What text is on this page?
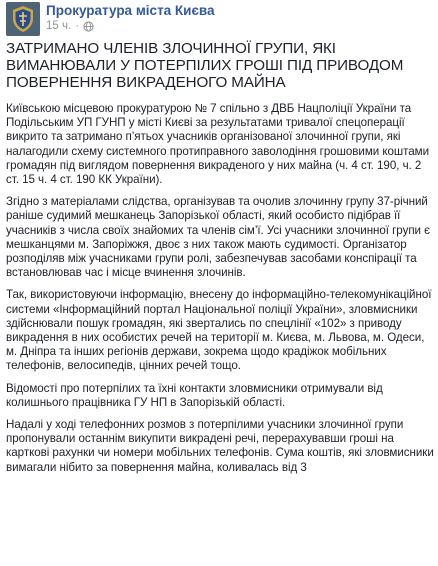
Прокуратура міста Києва
15 ч. ·

ЗАТРИМАНО ЧЛЕНІВ ЗЛОЧИННОЇ ГРУПИ, ЯКІ ВИМАНЮВАЛИ У ПОТЕРПІЛИХ ГРОШІ ПІД ПРИВОДОМ ПОВЕРНЕННЯ ВИКРАДЕНОГО МАЙНА

Київською місцевою прокуратурою № 7 спільно з ДВБ Нацполіції України та Подільським УП ГУНП у місті Києві за результатами тривалої спецоперації викрито та затримано п’ятьох учасників організованої злочинної групи, які налагодили схему системного протиправного заволодіння грошовими коштами громадян під виглядом повернення викраденого у них майна (ч. 4 ст. 190, ч. 2 ст. 15 ч. 4 ст. 190 КК України).

Згідно з матеріалами слідства, організував та очолив злочинну групу 37-річний раніше судимий мешканець Запорізької області, який особисто підібрав її учасників з числа своїх знайомих та членів сім’ї. Усі учасники злочинної групи є мешканцями м. Запоріжжя, двоє з них також мають судимості. Організатор розподіляв між учасниками групи ролі, забезпечував засобами конспірації та встановлював час і місце вчинення злочинів.

Так, використовуючи інформацію, внесену до інформаційно-телекомунікаційної системи «Інформаційний портал Національної поліції України», зловмисники здійснювали пошук громадян, які звертались по спецлінії «102» з приводу викрадення в них особистих речей на території м. Києва, м. Львова, м. Одеси, м. Дніпра та інших регіонів держави, зокрема щодо крадіжок мобільних телефонів, велосипедів, цінних речей тощо.

Відомості про потерпілих та їхні контакти зловмисники отримували від колишнього працівника ГУ НП в Запорізькій області.

Надалі у ході телефонних розмов з потерпілими учасники злочинної групи пропонували останнім викупити викрадені речі, перерахувавши гроші на карткові рахунки чи номери мобільних телефонів. Сума коштів, які зловмисники вимагали нібито за повернення майна, коливалась від 3
